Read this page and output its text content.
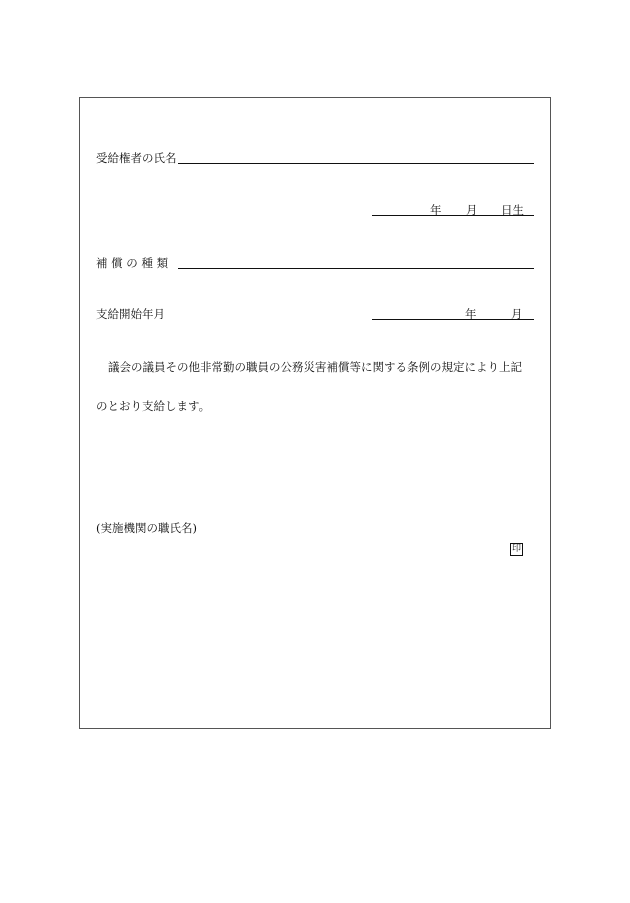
受給権者の氏名
年 月 日生
補 償 の 種 類
支給開始年月	年	月
議会の議員その他非常勤の職員の公務災害補償等に関する条例の規定により上記
のとおり支給します。
(実施機関の職氏名)
印
